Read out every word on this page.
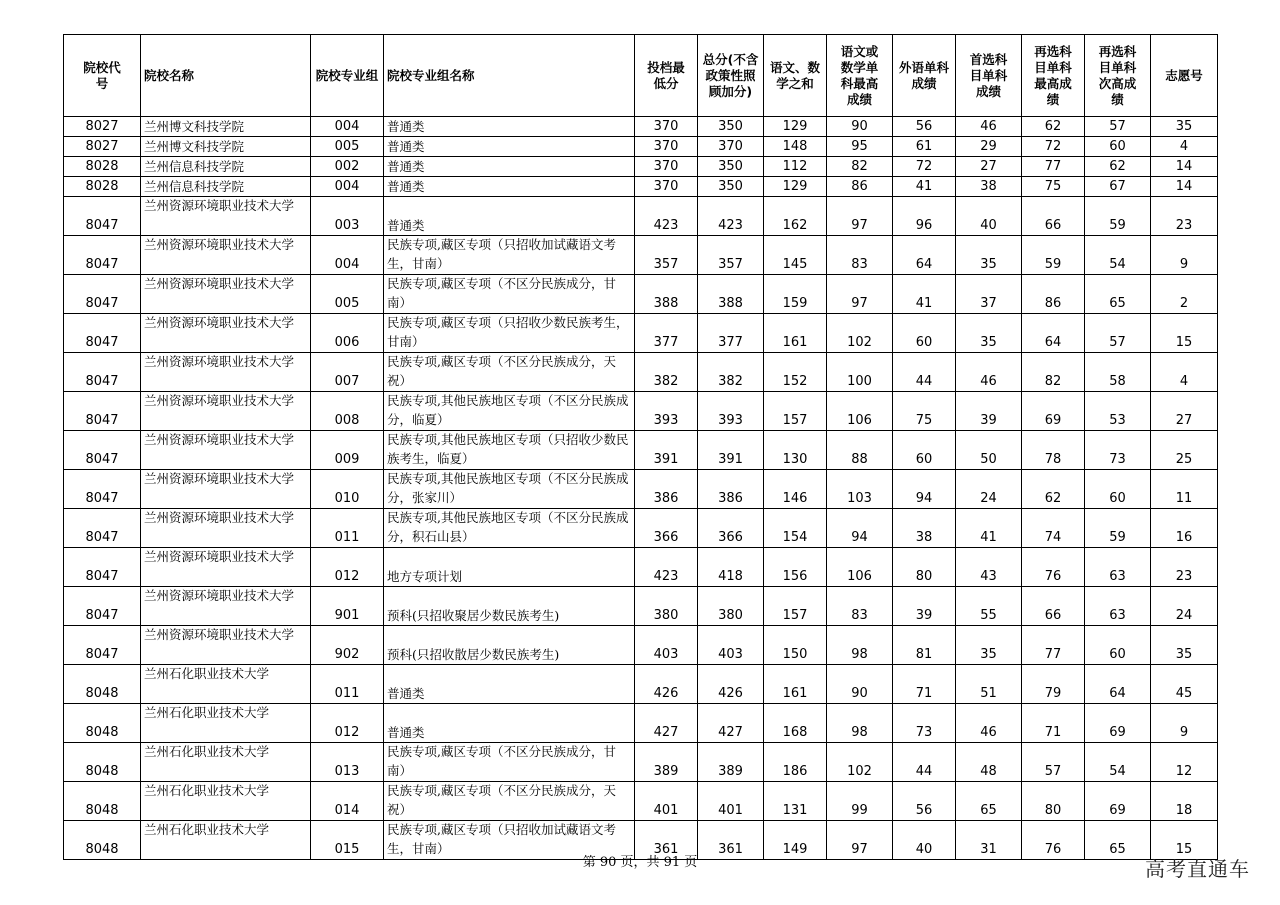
院校代号	院校名称	院校专业组	院校专业组名称	投档最低分	总分(不含政策性照顾加分)	语文、数学之和	语文或数学单科最高成绩	外语单科成绩	首选科目单科成绩	再选科目单科最高成绩	再选科目单科次高成绩	志愿号
8027	兰州博文科技学院	004	普通类	370	350	129	90	56	46	62	57	35
8027	兰州博文科技学院	005	普通类	370	370	148	95	61	29	72	60	4
8028	兰州信息科技学院	002	普通类	370	350	112	82	72	27	77	62	14
8028	兰州信息科技学院	004	普通类	370	350	129	86	41	38	75	67	14
8047	兰州资源环境职业技术大学	003	普通类	423	423	162	97	96	40	66	59	23
8047	兰州资源环境职业技术大学	004	民族专项,藏区专项（只招收加试藏语文考生，甘南）	357	357	145	83	64	35	59	54	9
8047	兰州资源环境职业技术大学	005	民族专项,藏区专项（不区分民族成分，甘南）	388	388	159	97	41	37	86	65	2
8047	兰州资源环境职业技术大学	006	民族专项,藏区专项（只招收少数民族考生，甘南）	377	377	161	102	60	35	64	57	15
8047	兰州资源环境职业技术大学	007	民族专项,藏区专项（不区分民族成分，天祝）	382	382	152	100	44	46	82	58	4
8047	兰州资源环境职业技术大学	008	民族专项,其他民族地区专项（不区分民族成分，临夏）	393	393	157	106	75	39	69	53	27
8047	兰州资源环境职业技术大学	009	民族专项,其他民族地区专项（只招收少数民族考生，临夏）	391	391	130	88	60	50	78	73	25
8047	兰州资源环境职业技术大学	010	民族专项,其他民族地区专项（不区分民族成分，张家川）	386	386	146	103	94	24	62	60	11
8047	兰州资源环境职业技术大学	011	民族专项,其他民族地区专项（不区分民族成分，积石山县）	366	366	154	94	38	41	74	59	16
8047	兰州资源环境职业技术大学	012	地方专项计划	423	418	156	106	80	43	76	63	23
8047	兰州资源环境职业技术大学	901	预科(只招收聚居少数民族考生)	380	380	157	83	39	55	66	63	24
8047	兰州资源环境职业技术大学	902	预科(只招收散居少数民族考生)	403	403	150	98	81	35	77	60	35
8048	兰州石化职业技术大学	011	普通类	426	426	161	90	71	51	79	64	45
8048	兰州石化职业技术大学	012	普通类	427	427	168	98	73	46	71	69	9
8048	兰州石化职业技术大学	013	民族专项,藏区专项（不区分民族成分，甘南）	389	389	186	102	44	48	57	54	12
8048	兰州石化职业技术大学	014	民族专项,藏区专项（不区分民族成分，天祝）	401	401	131	99	56	65	80	69	18
8048	兰州石化职业技术大学	015	民族专项,藏区专项（只招收加试藏语文考生，甘南）	361	361	149	97	40	31	76	65	15
第 90 页，共 91 页	高考直通车
